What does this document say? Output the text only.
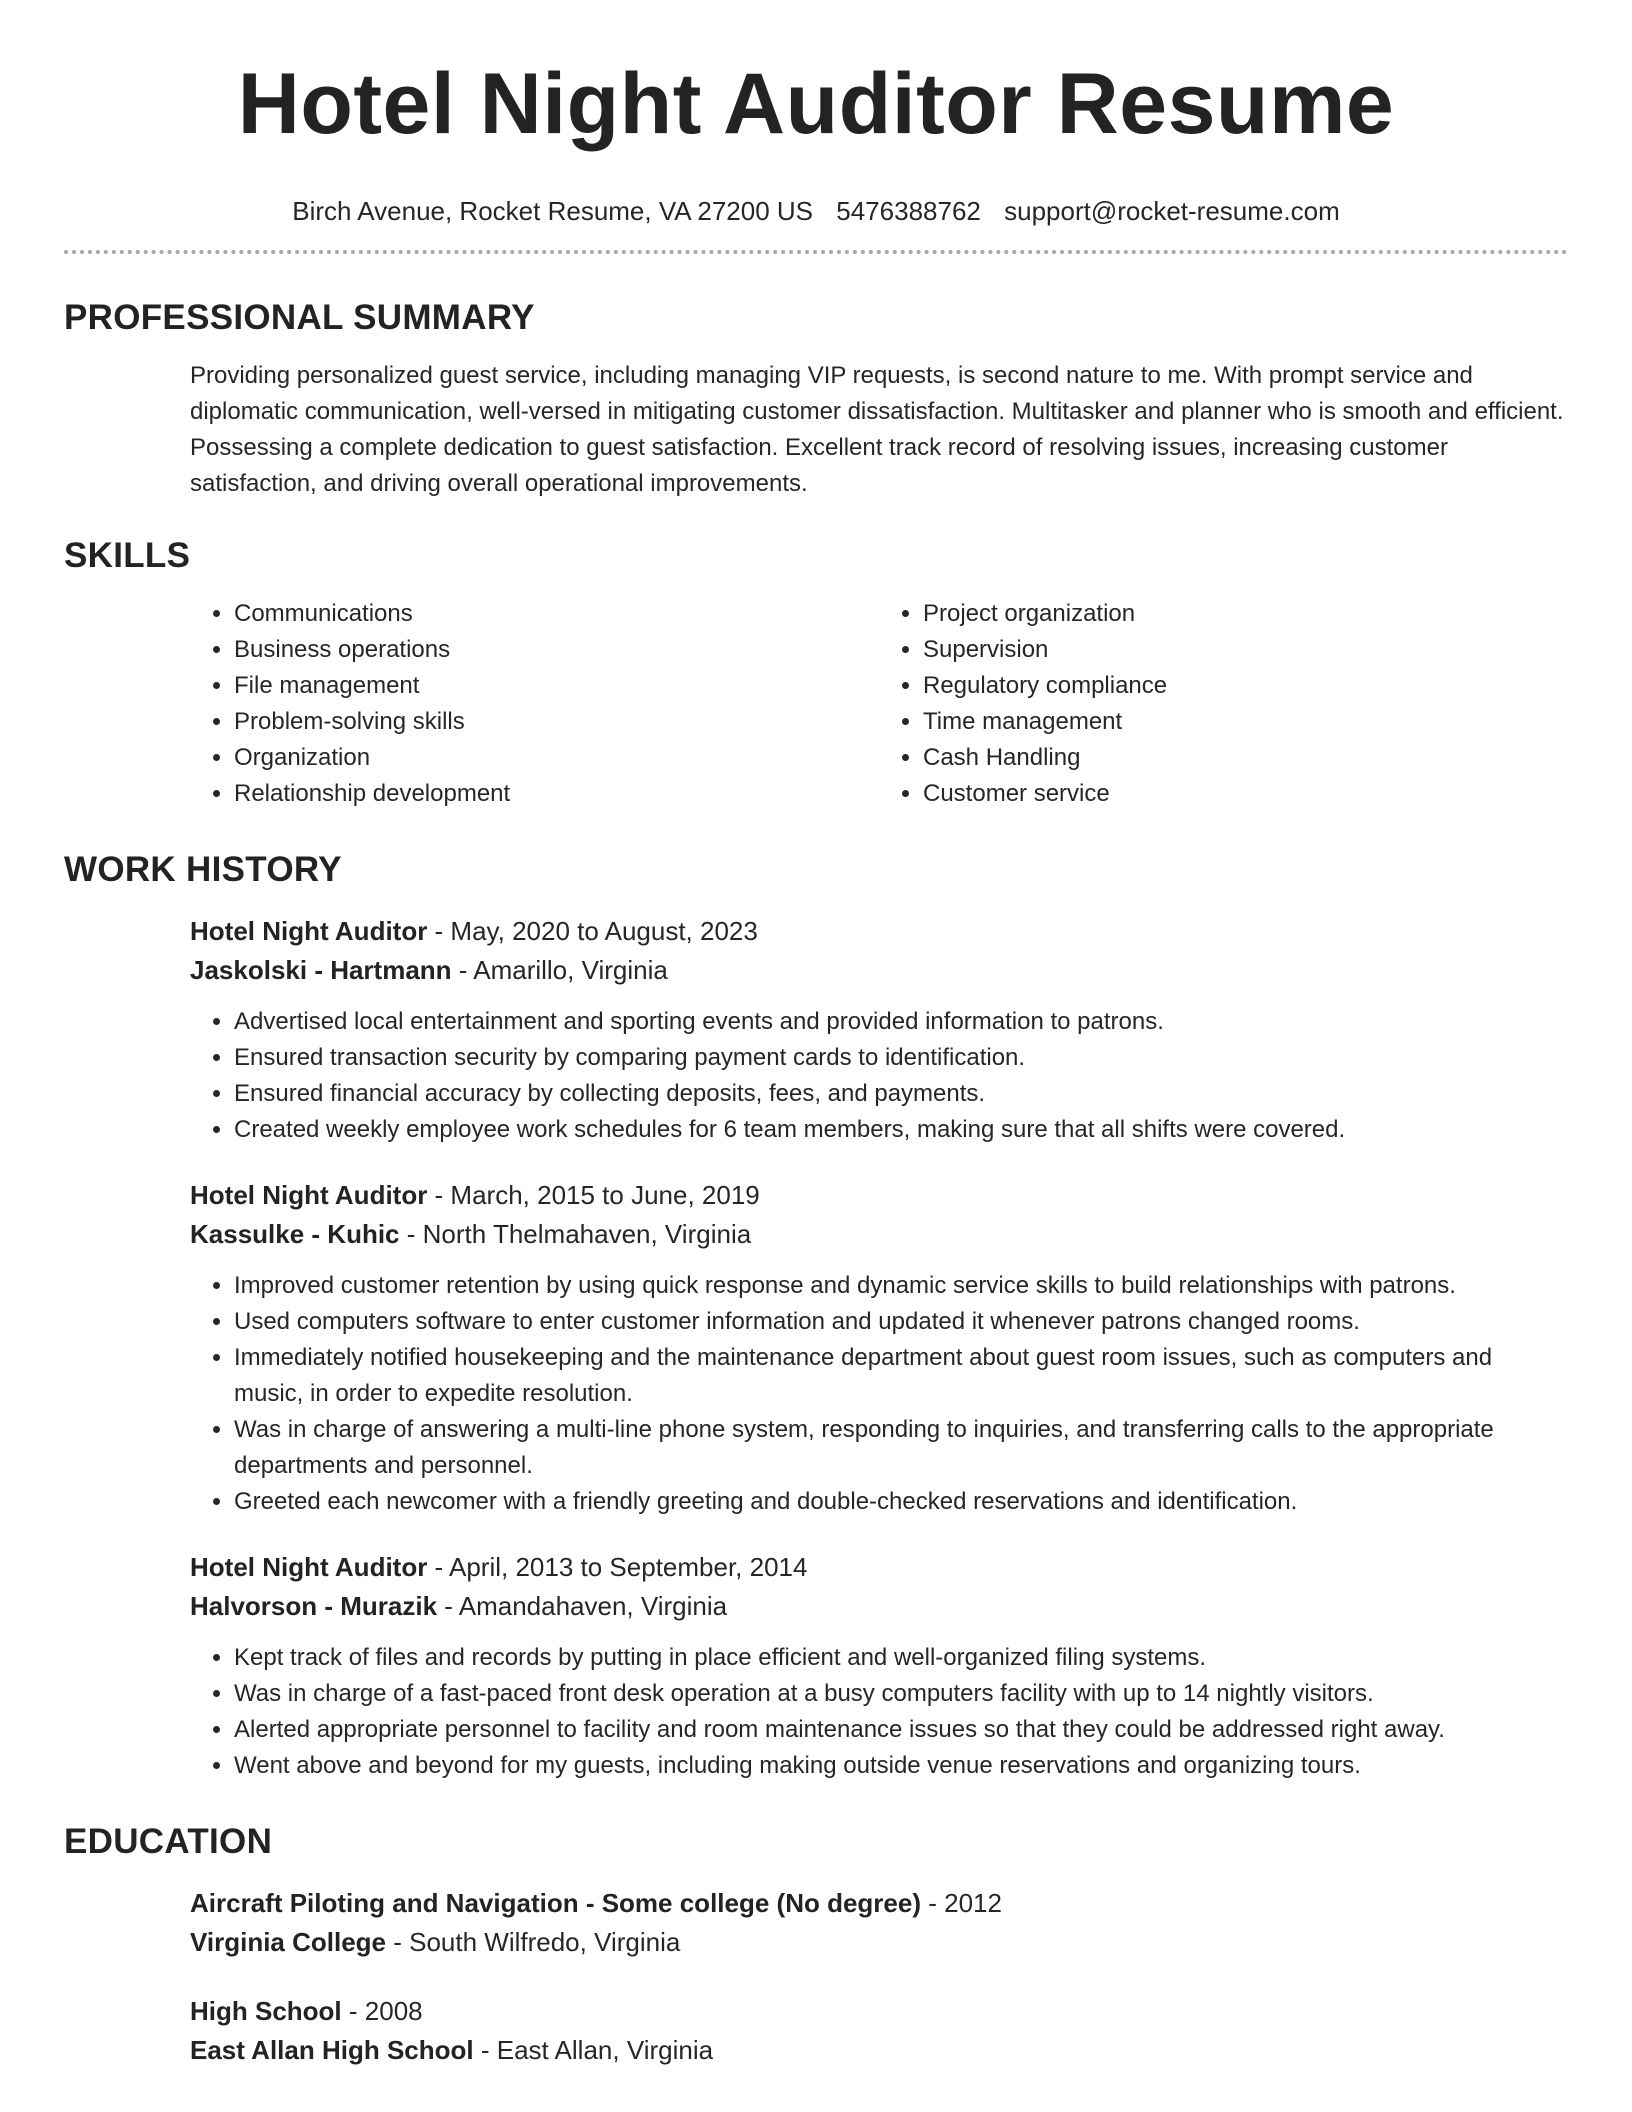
Hotel Night Auditor Resume
Birch Avenue, Rocket Resume, VA 27200 US 5476388762 support@rocket-resume.com
PROFESSIONAL SUMMARY
Providing personalized guest service, including managing VIP requests, is second nature to me. With prompt service and diplomatic communication, well-versed in mitigating customer dissatisfaction. Multitasker and planner who is smooth and efficient. Possessing a complete dedication to guest satisfaction. Excellent track record of resolving issues, increasing customer satisfaction, and driving overall operational improvements.
SKILLS
• Communications
• Business operations
• File management
• Problem-solving skills
• Organization
• Relationship development
• Project organization
• Supervision
• Regulatory compliance
• Time management
• Cash Handling
• Customer service
WORK HISTORY
Hotel Night Auditor - May, 2020 to August, 2023
Jaskolski - Hartmann - Amarillo, Virginia
• Advertised local entertainment and sporting events and provided information to patrons.
• Ensured transaction security by comparing payment cards to identification.
• Ensured financial accuracy by collecting deposits, fees, and payments.
• Created weekly employee work schedules for 6 team members, making sure that all shifts were covered.
Hotel Night Auditor - March, 2015 to June, 2019
Kassulke - Kuhic - North Thelmahaven, Virginia
• Improved customer retention by using quick response and dynamic service skills to build relationships with patrons.
• Used computers software to enter customer information and updated it whenever patrons changed rooms.
• Immediately notified housekeeping and the maintenance department about guest room issues, such as computers and music, in order to expedite resolution.
• Was in charge of answering a multi-line phone system, responding to inquiries, and transferring calls to the appropriate departments and personnel.
• Greeted each newcomer with a friendly greeting and double-checked reservations and identification.
Hotel Night Auditor - April, 2013 to September, 2014
Halvorson - Murazik - Amandahaven, Virginia
• Kept track of files and records by putting in place efficient and well-organized filing systems.
• Was in charge of a fast-paced front desk operation at a busy computers facility with up to 14 nightly visitors.
• Alerted appropriate personnel to facility and room maintenance issues so that they could be addressed right away.
• Went above and beyond for my guests, including making outside venue reservations and organizing tours.
EDUCATION
Aircraft Piloting and Navigation - Some college (No degree) - 2012
Virginia College - South Wilfredo, Virginia
High School - 2008
East Allan High School - East Allan, Virginia
